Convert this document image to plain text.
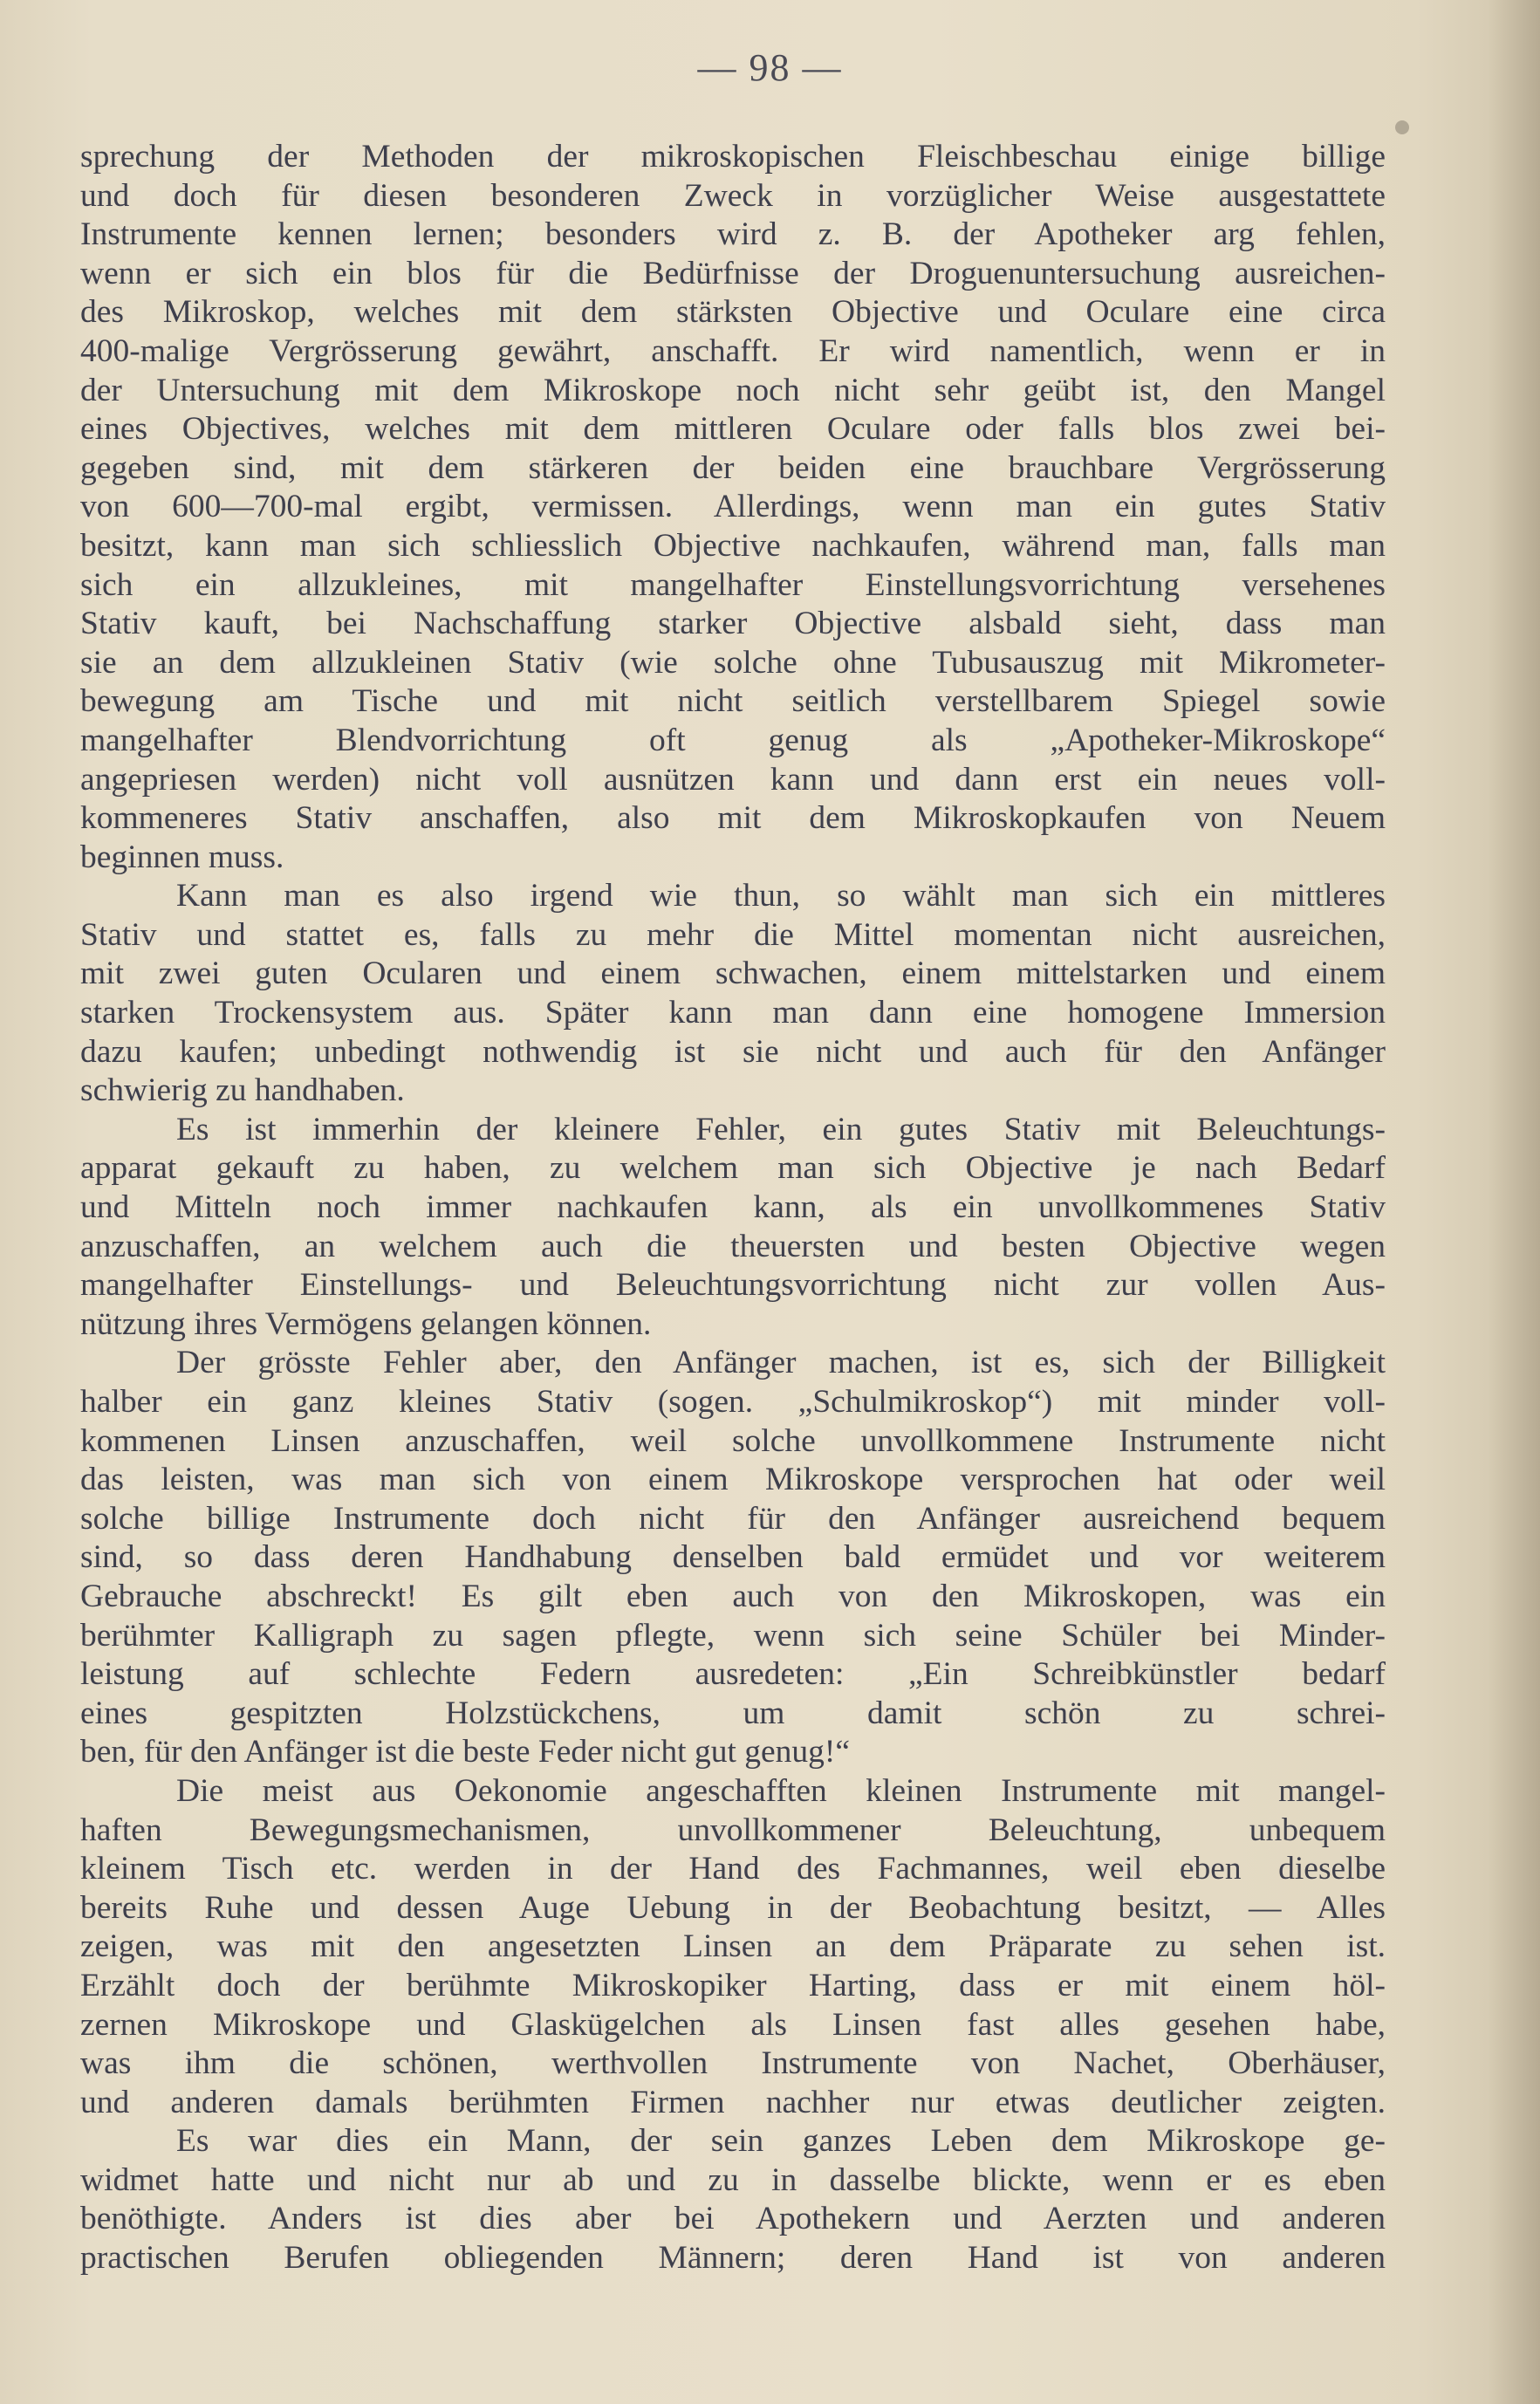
— 98 —
sprechung der Methoden der mikroskopischen Fleischbeschau einige billige
und doch für diesen besonderen Zweck in vorzüglicher Weise ausgestattete
Instrumente kennen lernen; besonders wird z. B. der Apotheker arg fehlen,
wenn er sich ein blos für die Bedürfnisse der Droguenuntersuchung ausreichen-
des Mikroskop, welches mit dem stärksten Objective und Oculare eine circa
400-malige Vergrösserung gewährt, anschafft. Er wird namentlich, wenn er in
der Untersuchung mit dem Mikroskope noch nicht sehr geübt ist, den Mangel
eines Objectives, welches mit dem mittleren Oculare oder falls blos zwei bei-
gegeben sind, mit dem stärkeren der beiden eine brauchbare Vergrösserung
von 600—700-mal ergibt, vermissen. Allerdings, wenn man ein gutes Stativ
besitzt, kann man sich schliesslich Objective nachkaufen, während man, falls man
sich ein allzukleines, mit mangelhafter Einstellungsvorrichtung versehenes
Stativ kauft, bei Nachschaffung starker Objective alsbald sieht, dass man
sie an dem allzukleinen Stativ (wie solche ohne Tubusauszug mit Mikrometer-
bewegung am Tische und mit nicht seitlich verstellbarem Spiegel sowie
mangelhafter Blendvorrichtung oft genug als „Apotheker-Mikroskope“
angepriesen werden) nicht voll ausnützen kann und dann erst ein neues voll-
kommeneres Stativ anschaffen, also mit dem Mikroskopkaufen von Neuem
beginnen muss.
Kann man es also irgend wie thun, so wählt man sich ein mittleres
Stativ und stattet es, falls zu mehr die Mittel momentan nicht ausreichen,
mit zwei guten Ocularen und einem schwachen, einem mittelstarken und einem
starken Trockensystem aus. Später kann man dann eine homogene Immersion
dazu kaufen; unbedingt nothwendig ist sie nicht und auch für den Anfänger
schwierig zu handhaben.
Es ist immerhin der kleinere Fehler, ein gutes Stativ mit Beleuchtungs-
apparat gekauft zu haben, zu welchem man sich Objective je nach Bedarf
und Mitteln noch immer nachkaufen kann, als ein unvollkommenes Stativ
anzuschaffen, an welchem auch die theuersten und besten Objective wegen
mangelhafter Einstellungs- und Beleuchtungsvorrichtung nicht zur vollen Aus-
nützung ihres Vermögens gelangen können.
Der grösste Fehler aber, den Anfänger machen, ist es, sich der Billigkeit
halber ein ganz kleines Stativ (sogen. „Schulmikroskop“) mit minder voll-
kommenen Linsen anzuschaffen, weil solche unvollkommene Instrumente nicht
das leisten, was man sich von einem Mikroskope versprochen hat oder weil
solche billige Instrumente doch nicht für den Anfänger ausreichend bequem
sind, so dass deren Handhabung denselben bald ermüdet und vor weiterem
Gebrauche abschreckt! Es gilt eben auch von den Mikroskopen, was ein
berühmter Kalligraph zu sagen pflegte, wenn sich seine Schüler bei Minder-
leistung auf schlechte Federn ausredeten: „Ein Schreibkünstler bedarf
eines gespitzten Holzstückchens, um damit schön zu schrei-
ben, für den Anfänger ist die beste Feder nicht gut genug!“
Die meist aus Oekonomie angeschafften kleinen Instrumente mit mangel-
haften Bewegungsmechanismen, unvollkommener Beleuchtung, unbequem
kleinem Tisch etc. werden in der Hand des Fachmannes, weil eben dieselbe
bereits Ruhe und dessen Auge Uebung in der Beobachtung besitzt, — Alles
zeigen, was mit den angesetzten Linsen an dem Präparate zu sehen ist.
Erzählt doch der berühmte Mikroskopiker Harting, dass er mit einem höl-
zernen Mikroskope und Glaskügelchen als Linsen fast alles gesehen habe,
was ihm die schönen, werthvollen Instrumente von Nachet, Oberhäuser,
und anderen damals berühmten Firmen nachher nur etwas deutlicher zeigten.
Es war dies ein Mann, der sein ganzes Leben dem Mikroskope ge-
widmet hatte und nicht nur ab und zu in dasselbe blickte, wenn er es eben
benöthigte. Anders ist dies aber bei Apothekern und Aerzten und anderen
practischen Berufen obliegenden Männern; deren Hand ist von anderen
